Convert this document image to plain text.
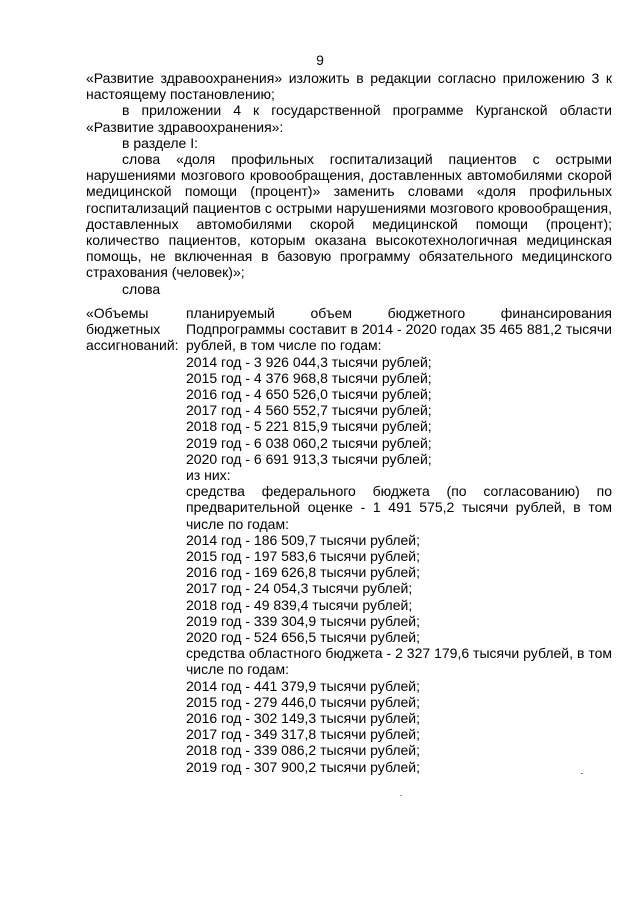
9

«Развитие здравоохранения» изложить в редакции согласно приложению 3 к настоящему постановлению;

в приложении 4 к государственной программе Курганской области «Развитие здравоохранения»:

в разделе I:

слова «доля профильных госпитализаций пациентов с острыми нарушениями мозгового кровообращения, доставленных автомобилями скорой медицинской помощи (процент)» заменить словами «доля профильных госпитализаций пациентов с острыми нарушениями мозгового кровообращения, доставленных автомобилями скорой медицинской помощи (процент); количество пациентов, которым оказана высокотехнологичная медицинская помощь, не включенная в базовую программу обязательного медицинского страхования (человек)»;

слова

«Объемы
бюджетных
ассигнований:

планируемый объем бюджетного финансирования Подпрограммы составит в 2014 - 2020 годах 35 465 881,2 тысячи рублей, в том числе по годам:

2014 год - 3 926 044,3 тысячи рублей;

2015 год - 4 376 968,8 тысячи рублей;

2016 год - 4 650 526,0 тысячи рублей;

2017 год - 4 560 552,7 тысячи рублей;

2018 год - 5 221 815,9 тысячи рублей;

2019 год - 6 038 060,2 тысячи рублей;

2020 год - 6 691 913,3 тысячи рублей;

из них:

средства федерального бюджета (по согласованию) по предварительной оценке - 1 491 575,2 тысячи рублей, в том числе по годам:

2014 год - 186 509,7 тысячи рублей;

2015 год - 197 583,6 тысячи рублей;

2016 год - 169 626,8 тысячи рублей;

2017 год - 24 054,3 тысячи рублей;

2018 год - 49 839,4 тысячи рублей;

2019 год - 339 304,9 тысячи рублей;

2020 год - 524 656,5 тысячи рублей;

средства областного бюджета - 2 327 179,6 тысячи рублей, в том числе по годам:

2014 год - 441 379,9 тысячи рублей;

2015 год - 279 446,0 тысячи рублей;

2016 год - 302 149,3 тысячи рублей;

2017 год - 349 317,8 тысячи рублей;

2018 год - 339 086,2 тысячи рублей;

2019 год - 307 900,2 тысячи рублей;
